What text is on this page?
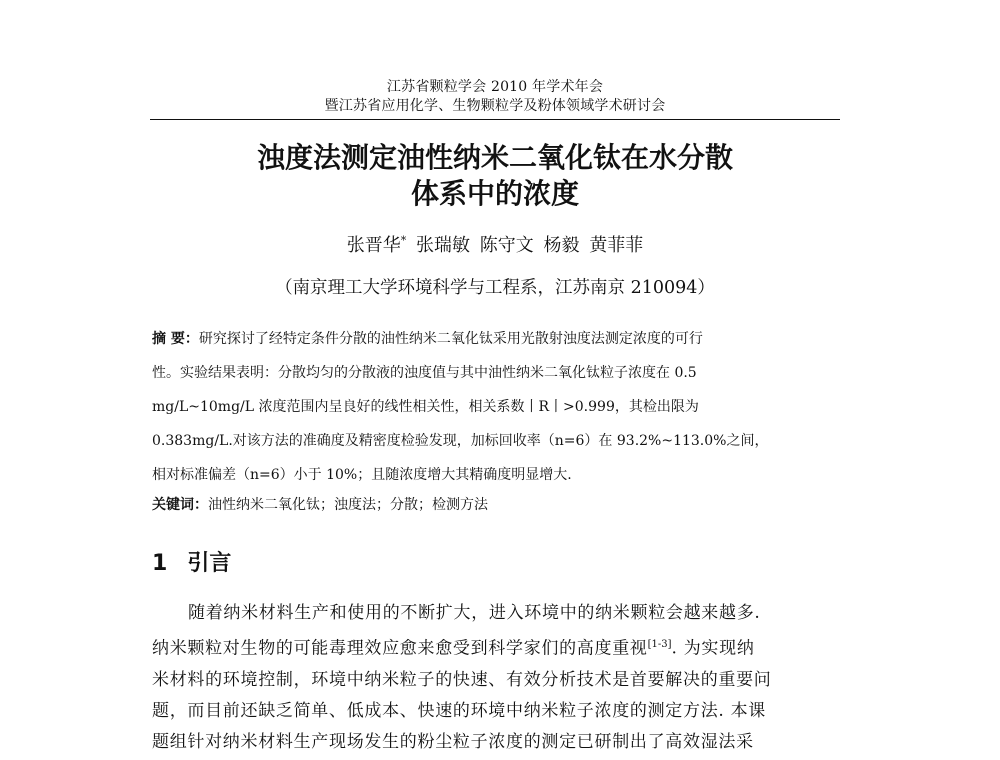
江苏省颗粒学会 2010 年学术年会
暨江苏省应用化学、生物颗粒学及粉体领域学术研讨会
浊度法测定油性纳米二氧化钛在水分散
体系中的浓度
张晋华* 张瑞敏 陈守文 杨毅 黄菲菲
（南京理工大学环境科学与工程系，江苏南京 210094）
摘 要：研究探讨了经特定条件分散的油性纳米二氧化钛采用光散射浊度法测定浓度的可行
性。实验结果表明：分散均匀的分散液的浊度值与其中油性纳米二氧化钛粒子浓度在 0.5
mg/L~10mg/L 浓度范围内呈良好的线性相关性，相关系数丨R丨>0.999，其检出限为
0.383mg/L.对该方法的准确度及精密度检验发现，加标回收率（n=6）在 93.2%~113.0%之间，
相对标准偏差（n=6）小于 10%；且随浓度增大其精确度明显增大.
关键词：油性纳米二氧化钛；浊度法；分散；检测方法
1 引言
随着纳米材料生产和使用的不断扩大，进入环境中的纳米颗粒会越来越多.
纳米颗粒对生物的可能毒理效应愈来愈受到科学家们的高度重视[1-3]. 为实现纳
米材料的环境控制，环境中纳米粒子的快速、有效分析技术是首要解决的重要问
题，而目前还缺乏简单、低成本、快速的环境中纳米粒子浓度的测定方法. 本课
题组针对纳米材料生产现场发生的粉尘粒子浓度的测定已研制出了高效湿法采
